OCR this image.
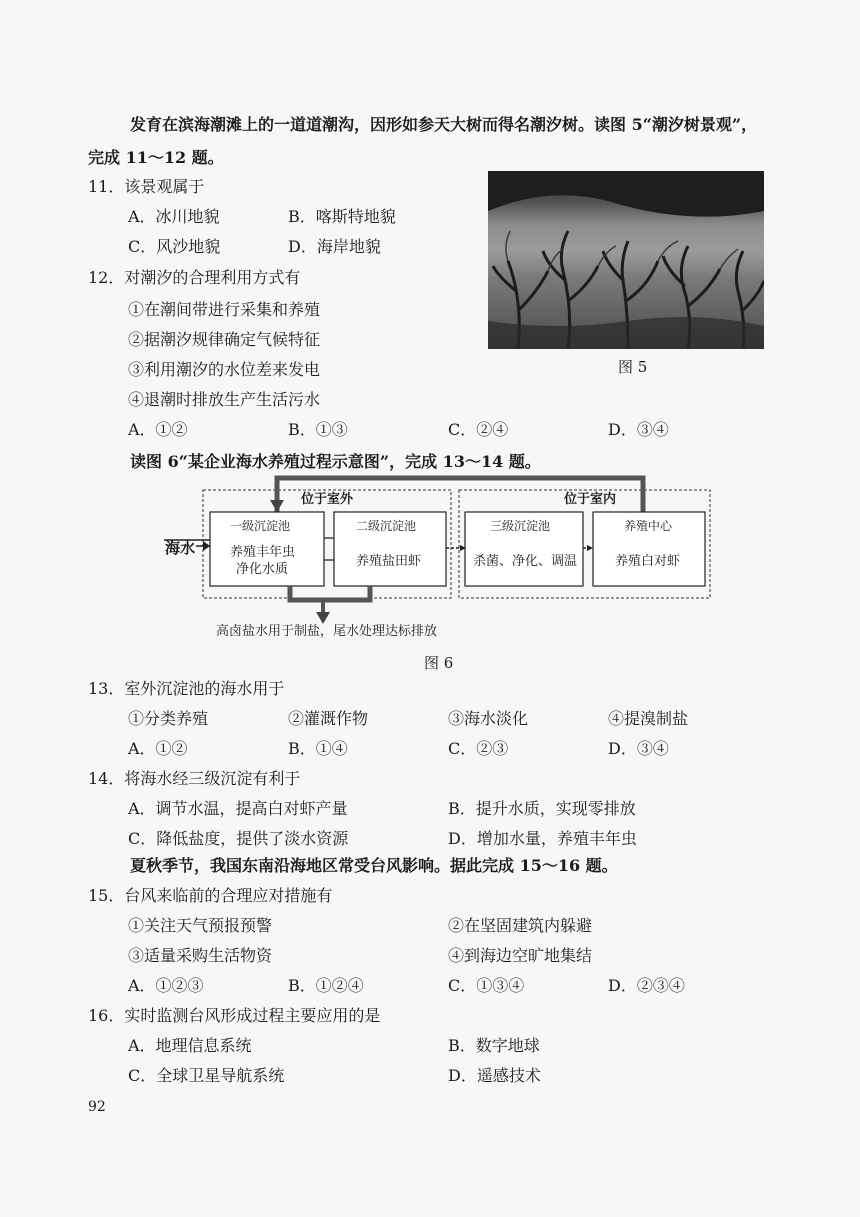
发育在滨海潮滩上的一道道潮沟，因形如参天大树而得名潮汐树。读图 5“潮汐树景观”，
完成 11～12 题。
11．该景观属于
A．冰川地貌	B．喀斯特地貌
C．风沙地貌	D．海岸地貌
图 5
12．对潮汐的合理利用方式有
①在潮间带进行采集和养殖
②据潮汐规律确定气候特征
③利用潮汐的水位差来发电
④退潮时排放生产生活污水
A．①②	B．①③	C．②④	D．③④
读图 6“某企业海水养殖过程示意图”，完成 13～14 题。
位于室外	位于室内
海水
一级沉淀池
养殖丰年虫
净化水质
二级沉淀池
养殖盐田虾
三级沉淀池
杀菌、净化、调温
养殖中心
养殖白对虾
高卤盐水用于制盐，尾水处理达标排放
图 6
13．室外沉淀池的海水用于
①分类养殖	②灌溉作物	③海水淡化	④提溴制盐
A．①②	B．①④	C．②③	D．③④
14．将海水经三级沉淀有利于
A．调节水温，提高白对虾产量	B．提升水质，实现零排放
C．降低盐度，提供了淡水资源	D．增加水量，养殖丰年虫
夏秋季节，我国东南沿海地区常受台风影响。据此完成 15～16 题。
15．台风来临前的合理应对措施有
①关注天气预报预警	②在坚固建筑内躲避
③适量采购生活物资	④到海边空旷地集结
A．①②③	B．①②④	C．①③④	D．②③④
16．实时监测台风形成过程主要应用的是
A．地理信息系统	B．数字地球
C．全球卫星导航系统	D．遥感技术
92
